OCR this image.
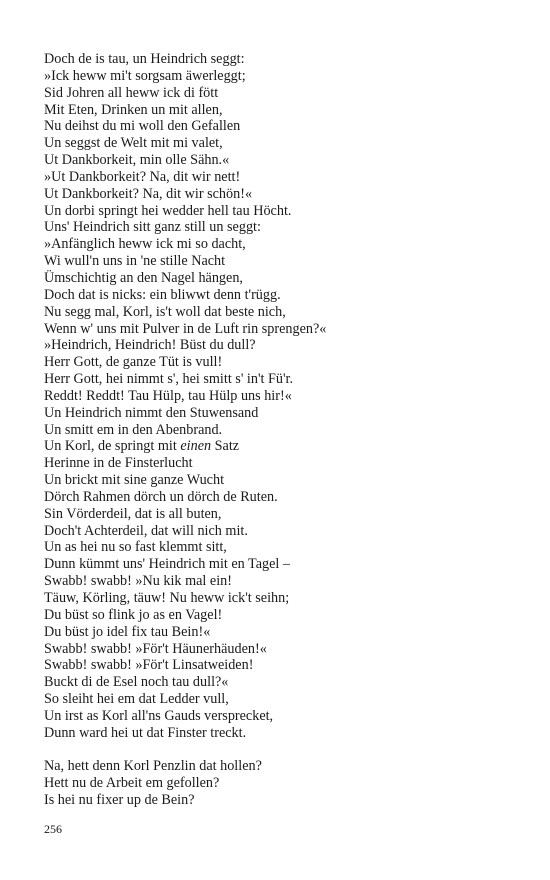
Doch de is tau, un Heindrich seggt:
»Ick heww mi't sorgsam äwerleggt;
Sid Johren all heww ick di fött
Mit Eten, Drinken un mit allen,
Nu deihst du mi woll den Gefallen
Un seggst de Welt mit mi valet,
Ut Dankborkeit, min olle Sähn.«
»Ut Dankborkeit? Na, dit wir nett!
Ut Dankborkeit? Na, dit wir schön!«
Un dorbi springt hei wedder hell tau Höcht.
Uns' Heindrich sitt ganz still un seggt:
»Anfänglich heww ick mi so dacht,
Wi wull'n uns in 'ne stille Nacht
Ümschichtig an den Nagel hängen,
Doch dat is nicks: ein bliwwt denn t'rügg.
Nu segg mal, Korl, is't woll dat beste nich,
Wenn w' uns mit Pulver in de Luft rin sprengen?«
»Heindrich, Heindrich! Büst du dull?
Herr Gott, de ganze Tüt is vull!
Herr Gott, hei nimmt s', hei smitt s' in't Fü'r.
Reddt! Reddt! Tau Hülp, tau Hülp uns hir!«
Un Heindrich nimmt den Stuwensand
Un smitt em in den Abenbrand.
Un Korl, de springt mit einen Satz
Herinne in de Finsterlucht
Un brickt mit sine ganze Wucht
Dörch Rahmen dörch un dörch de Ruten.
Sin Vörderdeil, dat is all buten,
Doch't Achterdeil, dat will nich mit.
Un as hei nu so fast klemmt sitt,
Dunn kümmt uns' Heindrich mit en Tagel –
Swabb! swabb! »Nu kik mal ein!
Täuw, Körling, täuw! Nu heww ick't seihn;
Du büst so flink jo as en Vagel!
Du büst jo idel fix tau Bein!«
Swabb! swabb! »För't Häunerhäuden!«
Swabb! swabb! »För't Linsatweiden!
Buckt di de Esel noch tau dull?«
So sleiht hei em dat Ledder vull,
Un irst as Korl all'ns Gauds versprecket,
Dunn ward hei ut dat Finster treckt.
Na, hett denn Korl Penzlin dat hollen?
Hett nu de Arbeit em gefollen?
Is hei nu fixer up de Bein?
256
